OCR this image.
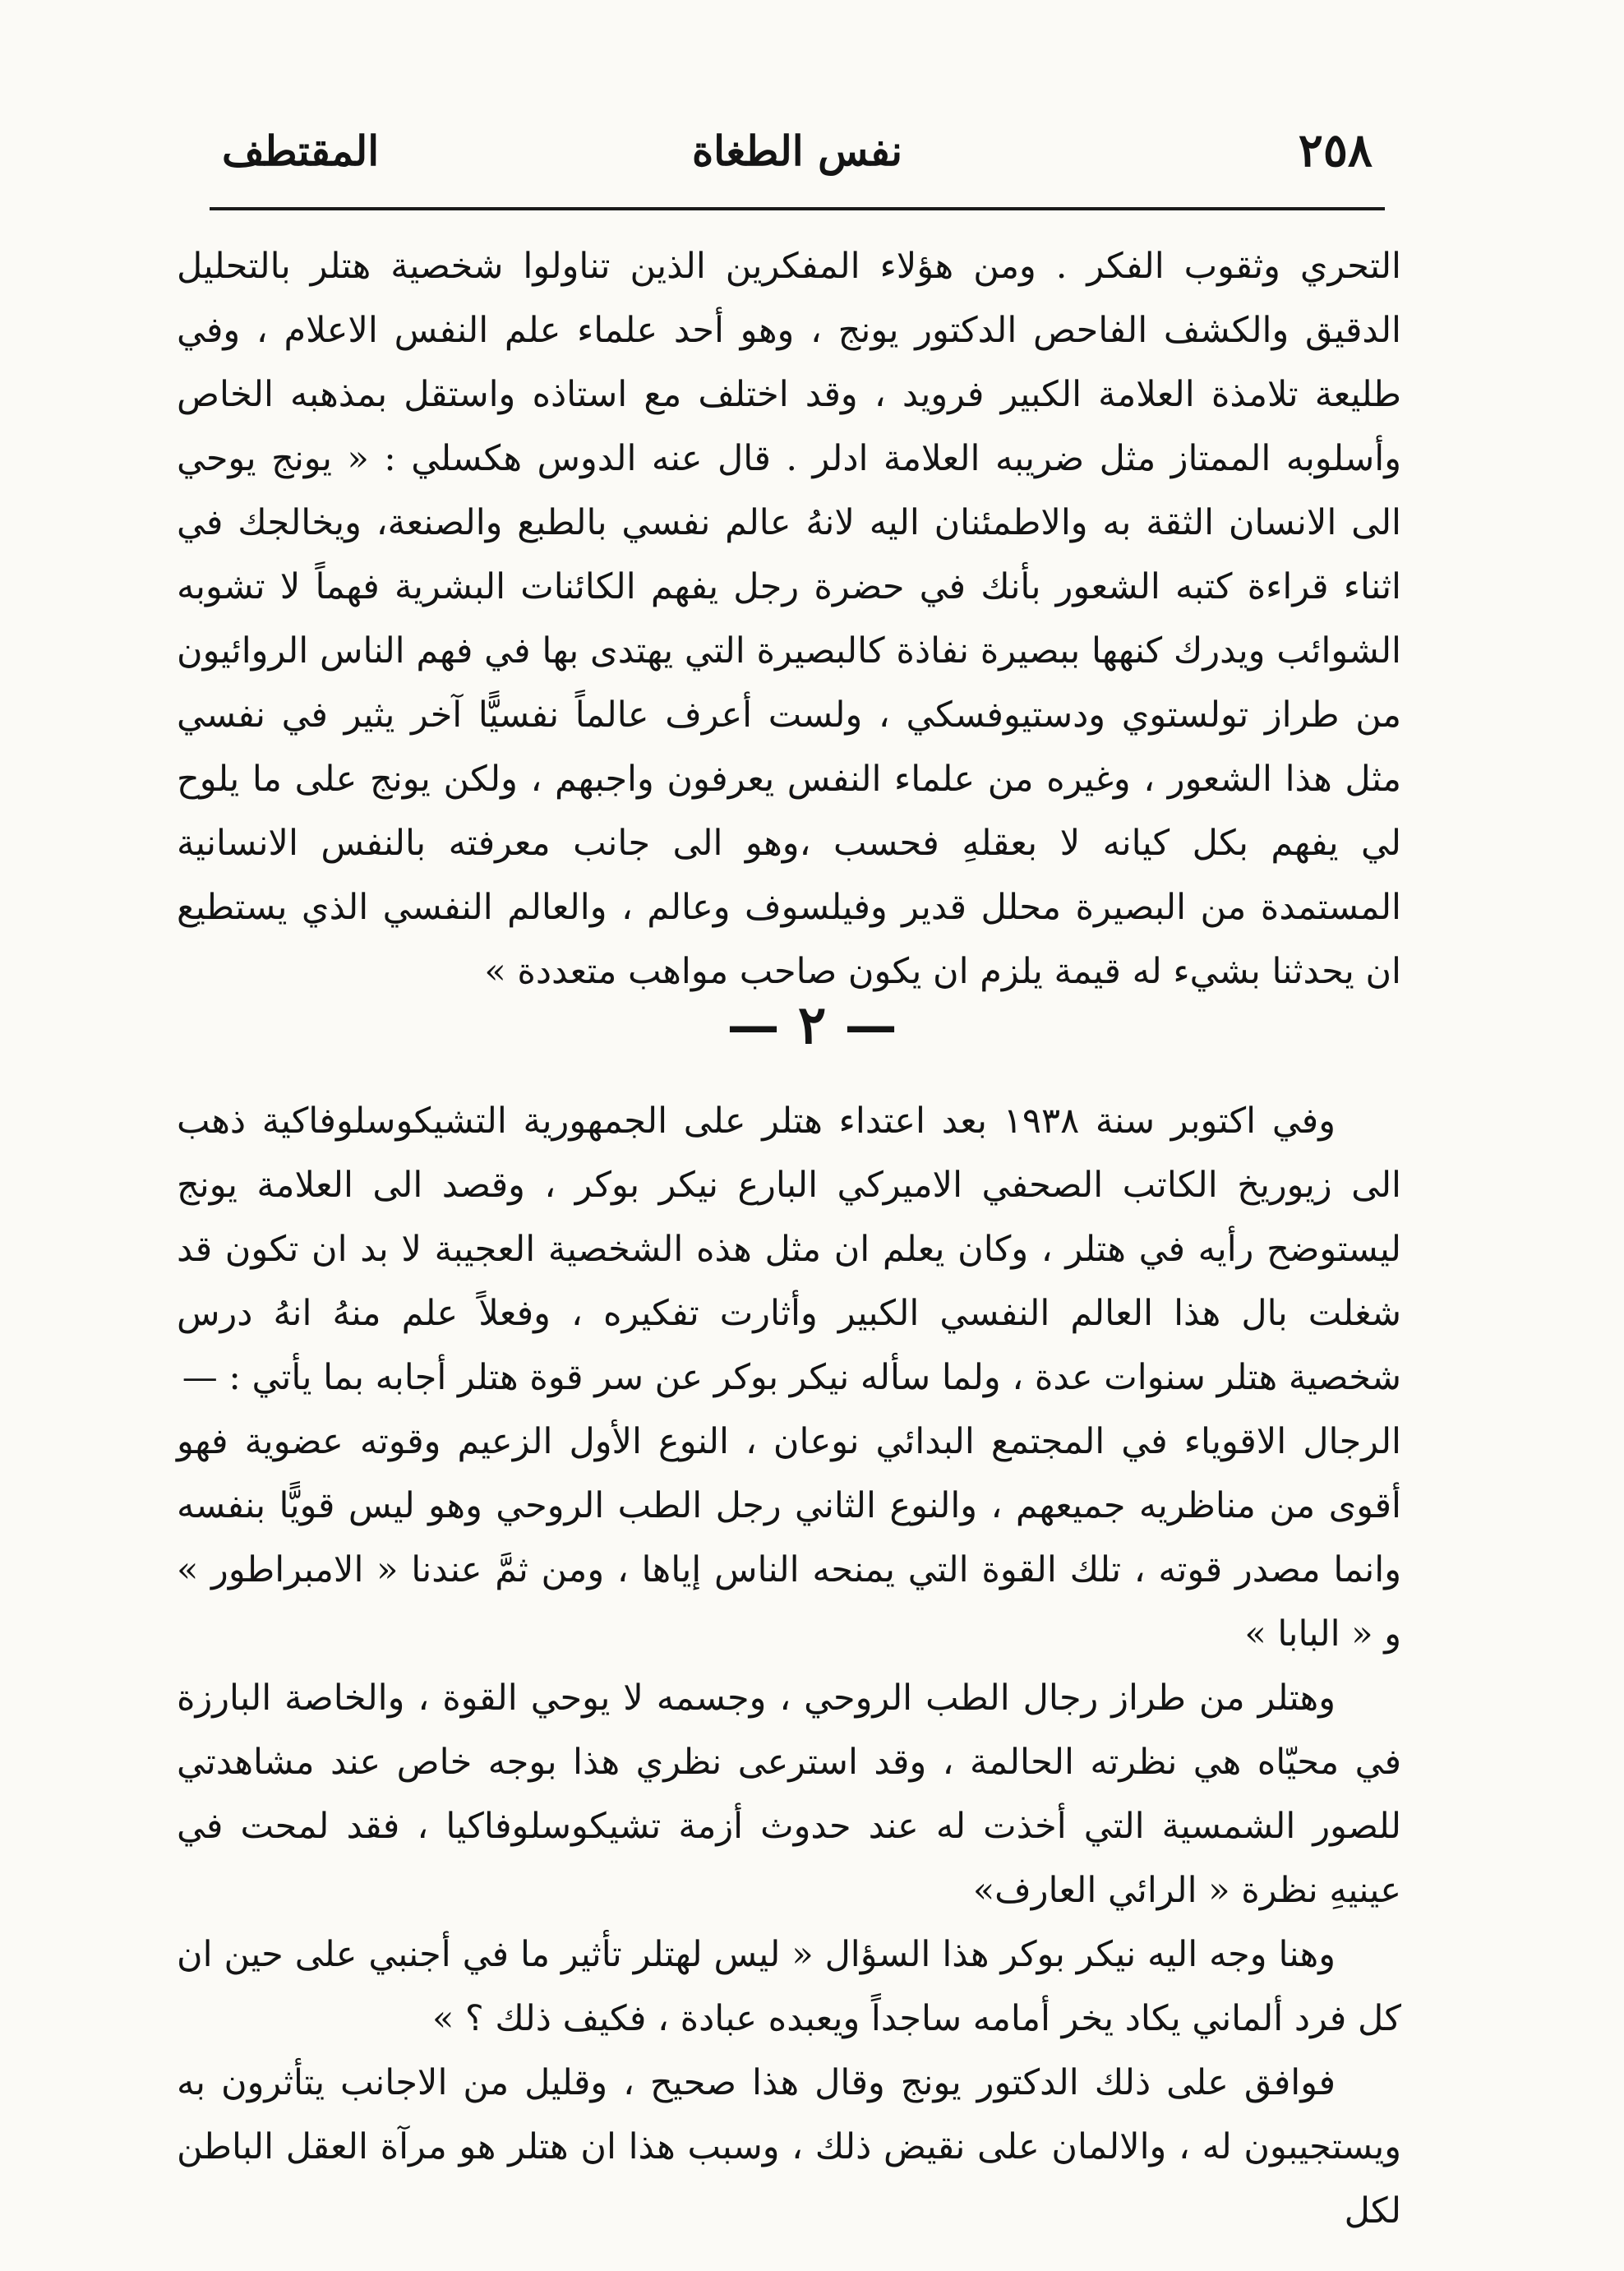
٢٥٨
نفس الطغاة
المقتطف

التحري وثقوب الفكر . ومن هؤلاء المفكرين الذين تناولوا شخصية هتلر بالتحليل الدقيق والكشف الفاحص الدكتور يونج ، وهو أحد علماء علم النفس الاعلام ، وفي طليعة تلامذة العلامة الكبير فرويد ، وقد اختلف مع استاذه واستقل بمذهبه الخاص وأسلوبه الممتاز مثل ضريبه العلامة ادلر . قال عنه الدوس هكسلي : « يونج يوحي الى الانسان الثقة به والاطمئنان اليه لانهُ عالم نفسي بالطبع والصنعة، ويخالجك في اثناء قراءة كتبه الشعور بأنك في حضرة رجل يفهم الكائنات البشرية فهماً لا تشوبه الشوائب ويدرك كنهها ببصيرة نفاذة كالبصيرة التي يهتدى بها في فهم الناس الروائيون من طراز تولستوي ودستيوفسكي ، ولست أعرف عالماً نفسيًّا آخر يثير في نفسي مثل هذا الشعور ، وغيره من علماء النفس يعرفون واجبهم ، ولكن يونج على ما يلوح لي يفهم بكل كيانه لا بعقلهِ فحسب ،وهو الى جانب معرفته بالنفس الانسانية المستمدة من البصيرة محلل قدير وفيلسوف وعالم ، والعالم النفسي الذي يستطيع ان يحدثنا بشيء له قيمة يلزم ان يكون صاحب مواهب متعددة »

— ٢ —

وفي اكتوبر سنة ١٩٣٨ بعد اعتداء هتلر على الجمهورية التشيكوسلوفاكية ذهب الى زيوريخ الكاتب الصحفي الاميركي البارع نيكر بوكر ، وقصد الى العلامة يونج ليستوضح رأيه في هتلر ، وكان يعلم ان مثل هذه الشخصية العجيبة لا بد ان تكون قد شغلت بال هذا العالم النفسي الكبير وأثارت تفكيره ، وفعلاً علم منهُ انهُ درس شخصية هتلر سنوات عدة ، ولما سأله نيكر بوكر عن سر قوة هتلر أجابه بما يأتي : —

الرجال الاقوياء في المجتمع البدائي نوعان ، النوع الأول الزعيم وقوته عضوية فهو أقوى من مناظريه جميعهم ، والنوع الثاني رجل الطب الروحي وهو ليس قويًّا بنفسه وانما مصدر قوته ، تلك القوة التي يمنحه الناس إياها ، ومن ثمَّ عندنا « الامبراطور » و « البابا »

وهتلر من طراز رجال الطب الروحي ، وجسمه لا يوحي القوة ، والخاصة البارزة في محيّاه هي نظرته الحالمة ، وقد استرعى نظري هذا بوجه خاص عند مشاهدتي للصور الشمسية التي أخذت له عند حدوث أزمة تشيكوسلوفاكيا ، فقد لمحت في عينيهِ نظرة « الرائي العارف»

وهنا وجه اليه نيكر بوكر هذا السؤال « ليس لهتلر تأثير ما في أجنبي على حين ان كل فرد ألماني يكاد يخر أمامه ساجداً ويعبده عبادة ، فكيف ذلك ؟ »

فوافق على ذلك الدكتور يونج وقال هذا صحيح ، وقليل من الاجانب يتأثرون به ويستجيبون له ، والالمان على نقيض ذلك ، وسبب هذا ان هتلر هو مرآة العقل الباطن لكل
